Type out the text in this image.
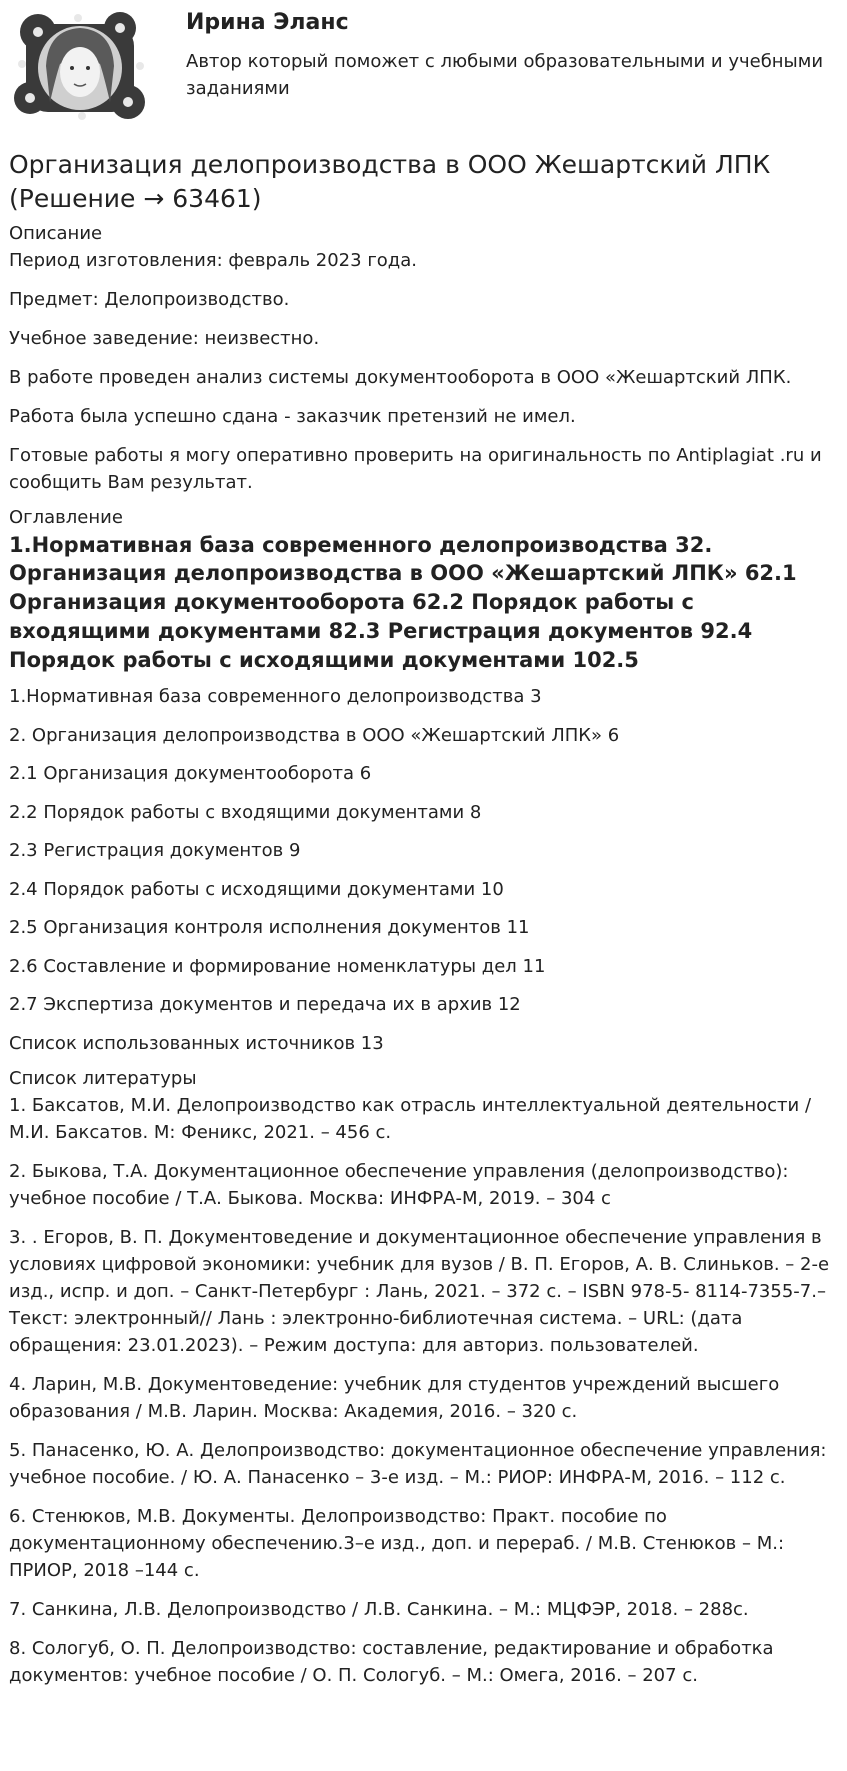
Ирина Эланс
Автор который поможет с любыми образовательными и учебными заданиями
Организация делопроизводства в ООО Жешартский ЛПК (Решение → 63461)
Описание
Период изготовления: февраль 2023 года.
Предмет: Делопроизводство.
Учебное заведение: неизвестно.
В работе проведен анализ системы документооборота в ООО «Жешартский ЛПК.
Работа была успешно сдана - заказчик претензий не имел.
Готовые работы я могу оперативно проверить на оригинальность по Antiplagiat .ru и сообщить Вам результат.
Оглавление
1.Нормативная база современного делопроизводства 32. Организация делопроизводства в ООО «Жешартский ЛПК» 62.1 Организация документооборота 62.2 Порядок работы с входящими документами 82.3 Регистрация документов 92.4 Порядок работы с исходящими документами 102.5
1.Нормативная база современного делопроизводства 3
2. Организация делопроизводства в ООО «Жешартский ЛПК» 6
2.1 Организация документооборота 6
2.2 Порядок работы с входящими документами 8
2.3 Регистрация документов 9
2.4 Порядок работы с исходящими документами 10
2.5 Организация контроля исполнения документов 11
2.6 Составление и формирование номенклатуры дел 11
2.7 Экспертиза документов и передача их в архив 12
Список использованных источников 13
Список литературы
1. Баксатов, М.И. Делопроизводство как отрасль интеллектуальной деятельности / М.И. Баксатов. М: Феникс, 2021. – 456 с.
2. Быкова, Т.А. Документационное обеспечение управления (делопроизводство): учебное пособие / Т.А. Быкова. Москва: ИНФРА-М, 2019. – 304 с
3. . Егоров, В. П. Документоведение и документационное обеспечение управления в условиях цифровой экономики: учебник для вузов / В. П. Егоров, А. В. Слиньков. – 2-е изд., испр. и доп. – Санкт-Петербург : Лань, 2021. – 372 с. – ISBN 978-5- 8114-7355-7.– Текст: электронный// Лань : электронно-библиотечная система. – URL: (дата обращения: 23.01.2023). – Режим доступа: для авториз. пользователей.
4. Ларин, М.В. Документоведение: учебник для студентов учреждений высшего образования / М.В. Ларин. Москва: Академия, 2016. – 320 с.
5. Панасенко, Ю. А. Делопроизводство: документационное обеспечение управления: учебное пособие. / Ю. А. Панасенко – 3-е изд. – М.: РИОР: ИНФРА-М, 2016. – 112 с.
6. Стенюков, М.В. Документы. Делопроизводство: Практ. пособие по документационному обеспечению.3–е изд., доп. и перераб. / М.В. Стенюков – М.: ПРИОР, 2018 –144 с.
7. Санкина, Л.В. Делопроизводство / Л.В. Санкина. – М.: МЦФЭР, 2018. – 288с.
8. Сологуб, О. П. Делопроизводство: составление, редактирование и обработка документов: учебное пособие / О. П. Сологуб. – М.: Омега, 2016. – 207 с.
